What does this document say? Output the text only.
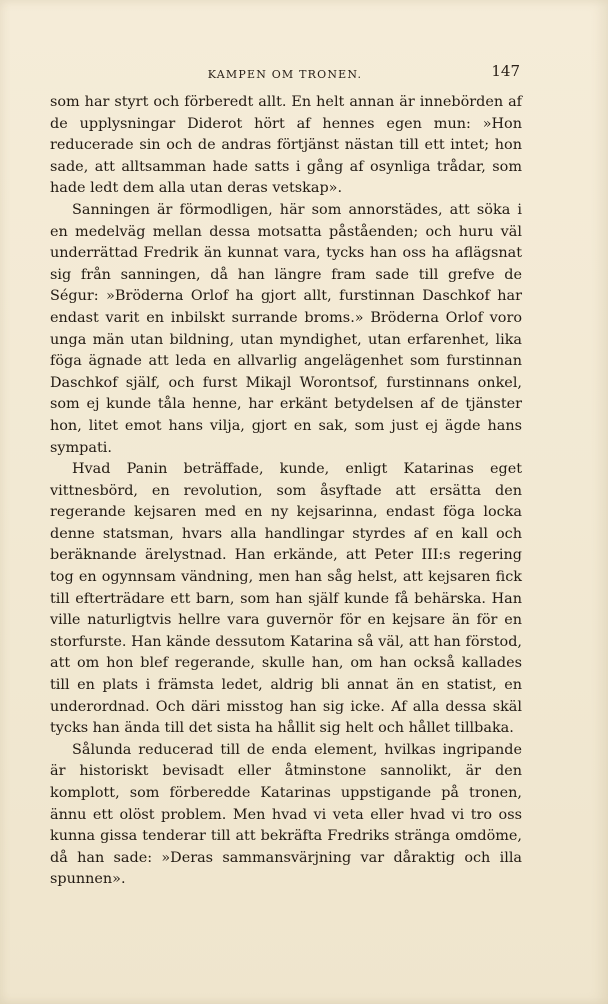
KAMPEN OM TRONEN.	147

som har styrt och förberedt allt. En helt annan är innebörden af de upplysningar Diderot hört af hennes egen mun: »Hon reducerade sin och de andras förtjänst nästan till ett intet; hon sade, att alltsamman hade satts i gång af osynliga trådar, som hade ledt dem alla utan deras vetskap».

Sanningen är förmodligen, här som annorstädes, att söka i en medelväg mellan dessa motsatta påståenden; och huru väl underrättad Fredrik än kunnat vara, tycks han oss ha aflägsnat sig från sanningen, då han längre fram sade till grefve de Ségur: »Bröderna Orlof ha gjort allt, furstinnan Daschkof har endast varit en inbilskt surrande broms.» Bröderna Orlof voro unga män utan bildning, utan myndighet, utan erfarenhet, lika föga ägnade att leda en allvarlig angelägenhet som furstinnan Daschkof själf, och furst Mikajl Worontsof, furstinnans onkel, som ej kunde tåla henne, har erkänt betydelsen af de tjänster hon, litet emot hans vilja, gjort en sak, som just ej ägde hans sympati.

Hvad Panin beträffade, kunde, enligt Katarinas eget vittnesbörd, en revolution, som åsyftade att ersätta den regerande kejsaren med en ny kejsarinna, endast föga locka denne statsman, hvars alla handlingar styrdes af en kall och beräknande ärelystnad. Han erkände, att Peter III:s regering tog en ogynnsam vändning, men han såg helst, att kejsaren fick till efterträdare ett barn, som han själf kunde få behärska. Han ville naturligtvis hellre vara guvernör för en kejsare än för en storfurste. Han kände dessutom Katarina så väl, att han förstod, att om hon blef regerande, skulle han, om han också kallades till en plats i främsta ledet, aldrig bli annat än en statist, en underordnad. Och däri misstog han sig icke. Af alla dessa skäl tycks han ända till det sista ha hållit sig helt och hållet tillbaka.

Sålunda reducerad till de enda element, hvilkas ingripande är historiskt bevisadt eller åtminstone sannolikt, är den komplott, som förberedde Katarinas uppstigande på tronen, ännu ett olöst problem. Men hvad vi veta eller hvad vi tro oss kunna gissa tenderar till att bekräfta Fredriks stränga omdöme, då han sade: »Deras sammansvärjning var dåraktig och illa spunnen».
